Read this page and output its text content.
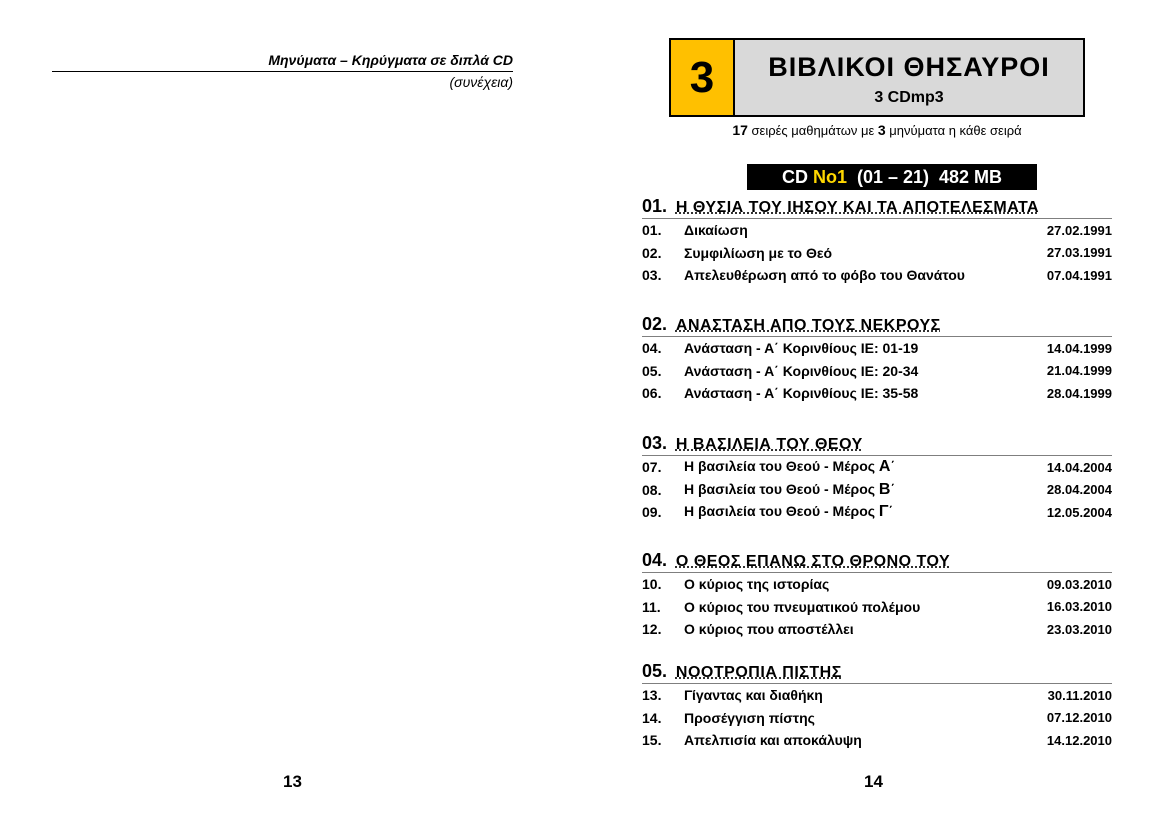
Μηνύματα – Κηρύγματα σε διπλά CD
(συνέχεια)
13
3	ΒΙΒΛΙΚΟΙ ΘΗΣΑΥΡΟΙ
3 CDmp3
17 σειρές μαθημάτων με 3 μηνύματα η κάθε σειρά
CD Νο1 (01 – 21)  482 MB
01. Η ΘΥΣΙΑ ΤΟΥ ΙΗΣΟΥ ΚΑΙ ΤΑ ΑΠΟΤΕΛΕΣΜΑΤΑ
01.	Δικαίωση	27.02.1991
02.	Συμφιλίωση με το Θεό	27.03.1991
03.	Απελευθέρωση από το φόβο του Θανάτου	07.04.1991
02. ΑΝΑΣΤΑΣΗ ΑΠΟ ΤΟΥΣ ΝΕΚΡΟΥΣ
04.	Ανάσταση - Α΄ Κορινθίους ΙΕ: 01-19	14.04.1999
05.	Ανάσταση - Α΄ Κορινθίους ΙΕ: 20-34	21.04.1999
06.	Ανάσταση - Α΄ Κορινθίους ΙΕ: 35-58	28.04.1999
03. Η ΒΑΣΙΛΕΙΑ ΤΟΥ ΘΕΟΥ
07.	Η βασιλεία του Θεού - Μέρος Α΄	14.04.2004
08.	Η βασιλεία του Θεού - Μέρος Β΄	28.04.2004
09.	Η βασιλεία του Θεού - Μέρος Γ΄	12.05.2004
04. Ο ΘΕΟΣ ΕΠΑΝΩ ΣΤΟ ΘΡΟΝΟ ΤΟΥ
10.	Ο κύριος της ιστορίας	09.03.2010
11.	Ο κύριος του πνευματικού πολέμου	16.03.2010
12.	Ο κύριος που αποστέλλει	23.03.2010
05. ΝΟΟΤΡΟΠΙΑ ΠΙΣΤΗΣ
13.	Γίγαντας και διαθήκη	30.11.2010
14.	Προσέγγιση πίστης	07.12.2010
15.	Απελπισία και αποκάλυψη	14.12.2010
14
